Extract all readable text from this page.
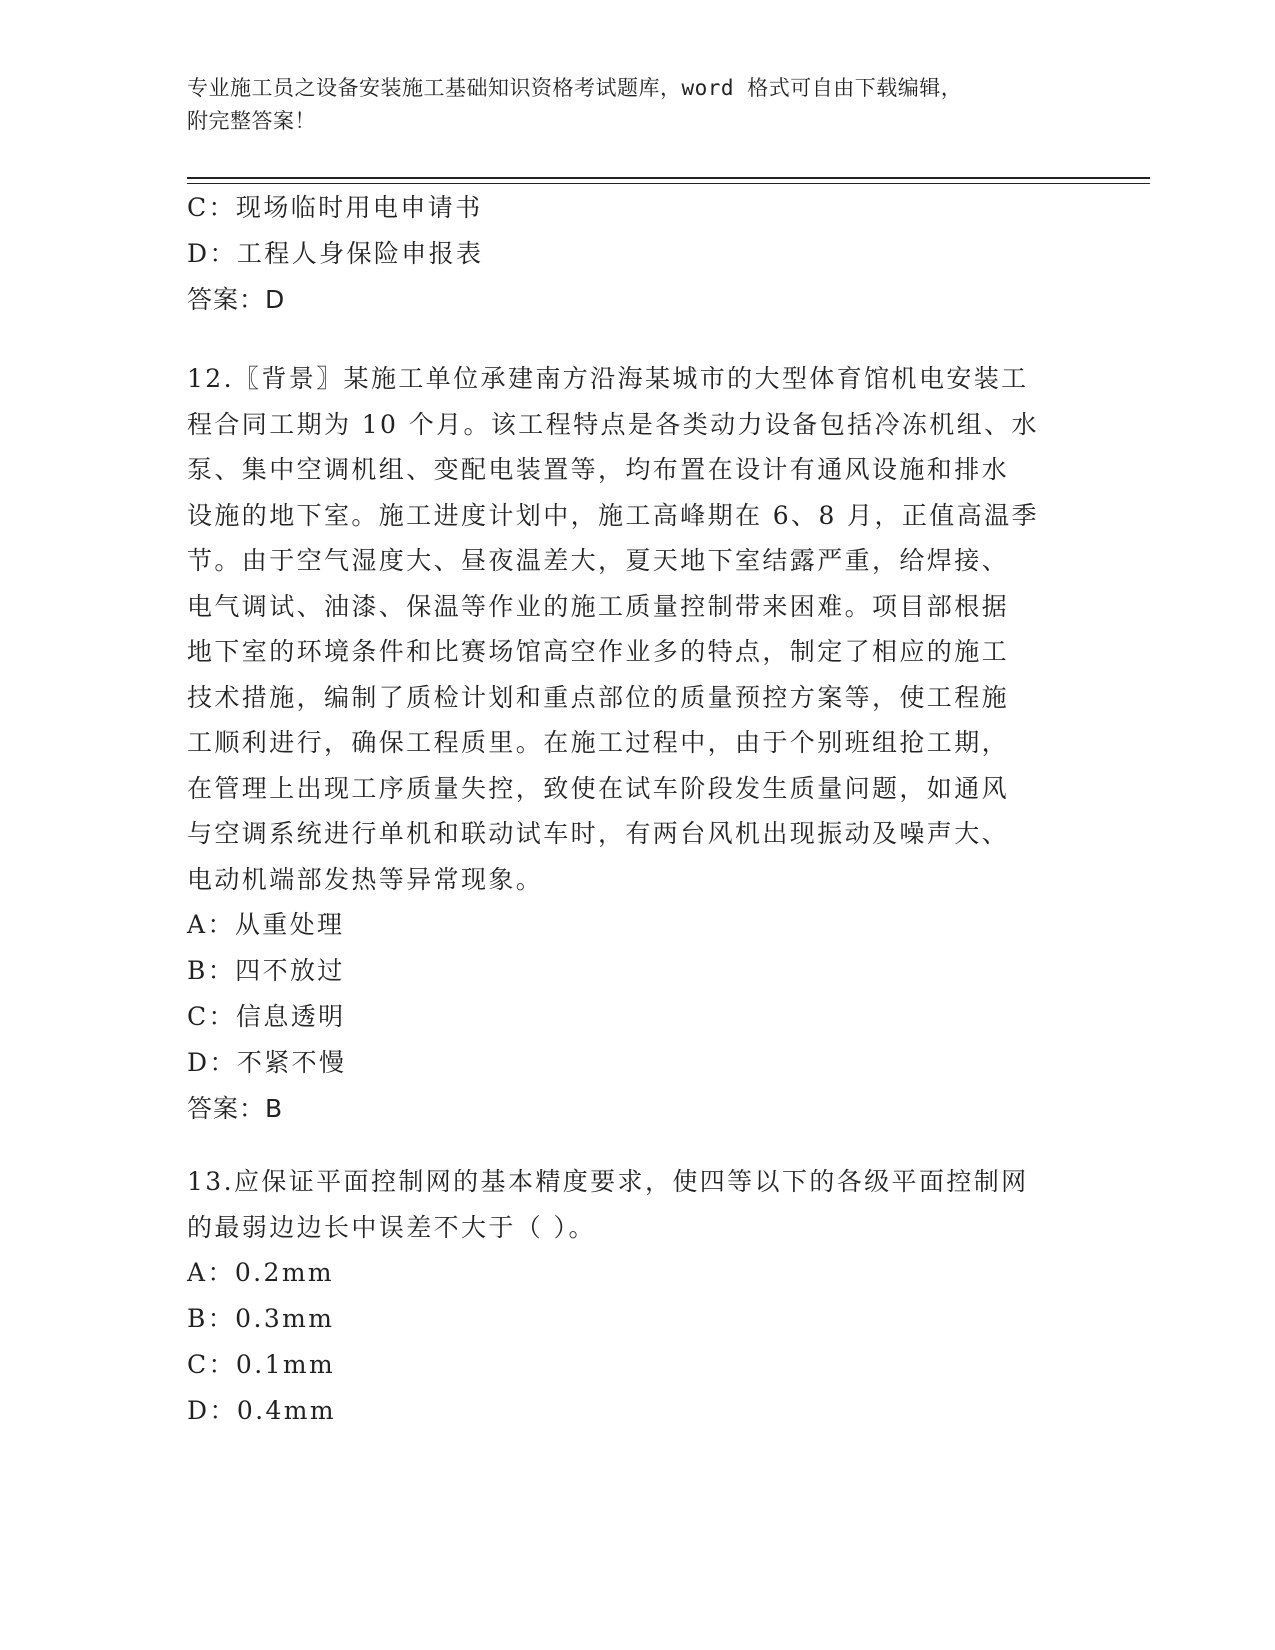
专业施工员之设备安装施工基础知识资格考试题库，word 格式可自由下载编辑，
附完整答案！
C：现场临时用电申请书
D：工程人身保险申报表
答案：D
12.〖背景〗某施工单位承建南方沿海某城市的大型体育馆机电安装工
程合同工期为 10 个月。该工程特点是各类动力设备包括冷冻机组、水
泵、集中空调机组、变配电装置等，均布置在设计有通风设施和排水
设施的地下室。施工进度计划中，施工高峰期在 6、8 月，正值高温季
节。由于空气湿度大、昼夜温差大，夏天地下室结露严重，给焊接、
电气调试、油漆、保温等作业的施工质量控制带来困难。项目部根据
地下室的环境条件和比赛场馆高空作业多的特点，制定了相应的施工
技术措施，编制了质检计划和重点部位的质量预控方案等，使工程施
工顺利进行，确保工程质里。在施工过程中，由于个别班组抢工期，
在管理上出现工序质量失控，致使在试车阶段发生质量问题，如通风
与空调系统进行单机和联动试车时，有两台风机出现振动及噪声大、
电动机端部发热等异常现象。
A：从重处理
B：四不放过
C：信息透明
D：不紧不慢
答案：B
13.应保证平面控制网的基本精度要求，使四等以下的各级平面控制网
的最弱边边长中误差不大于（ ）。
A：0.2mm
B：0.3mm
C：0.1mm
D：0.4mm
